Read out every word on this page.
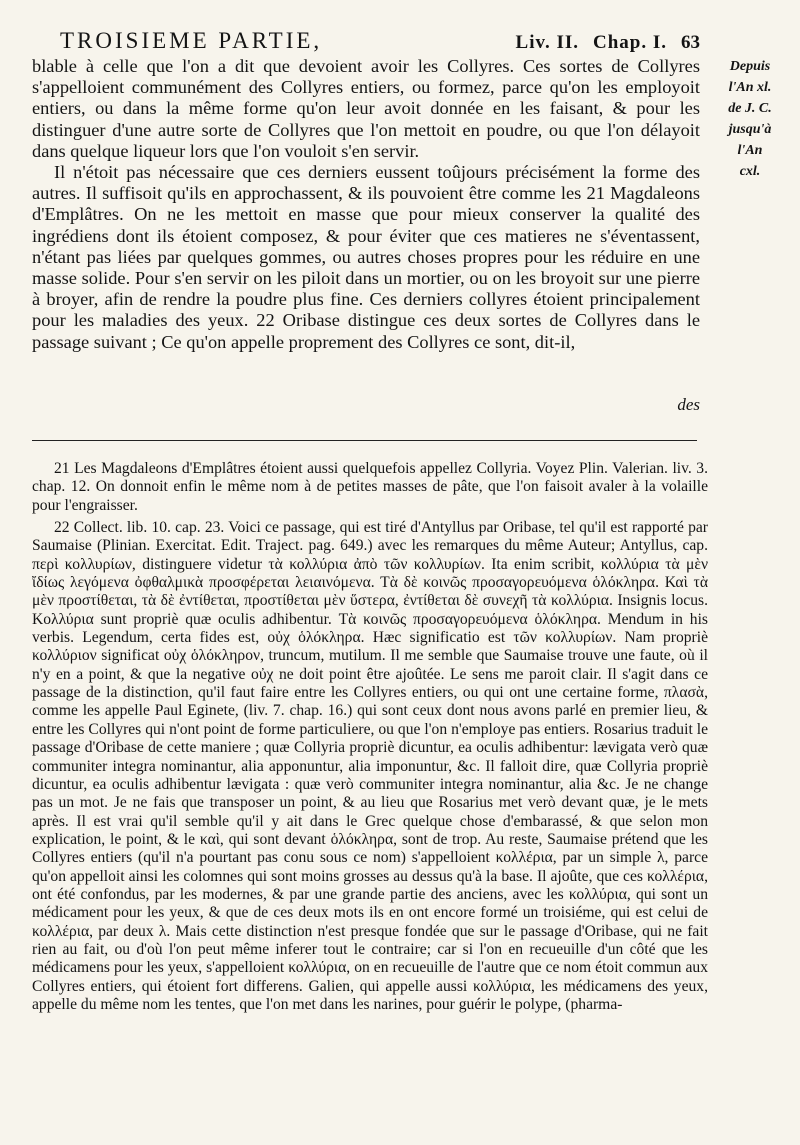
TROISIEME PARTIE,	Liv. II. Chap. I. 63
Depuis
l'An xl.
de J. C.
jusqu'à
l'An
cxl.

blable à celle que l'on a dit que devoient avoir les Collyres. Ces sortes de Collyres s'appelloient communément des Collyres entiers, ou formez, parce qu'on les employoit entiers, ou dans la même forme qu'on leur avoit donnée en les faisant, & pour les distinguer d'une autre sorte de Collyres que l'on mettoit en poudre, ou que l'on délayoit dans quelque liqueur lors que l'on vouloit s'en servir.

Il n'étoit pas nécessaire que ces derniers eussent toûjours précisément la forme des autres. Il suffisoit qu'ils en approchassent, & ils pouvoient être comme les 21 Magdaleons d'Emplâtres. On ne les mettoit en masse que pour mieux conserver la qualité des ingrédiens dont ils étoient composez, & pour éviter que ces matieres ne s'éventassent, n'étant pas liées par quelques gommes, ou autres choses propres pour les réduire en une masse solide. Pour s'en servir on les piloit dans un mortier, ou on les broyoit sur une pierre à broyer, afin de rendre la poudre plus fine. Ces derniers collyres étoient principalement pour les maladies des yeux. 22 Oribase distingue ces deux sortes de Collyres dans le passage suivant ; Ce qu'on appelle proprement des Collyres ce sont, dit-il,

des

21 Les Magdaleons d'Emplâtres étoient aussi quelquefois appellez Collyria. Voyez Plin. Valerian. liv. 3. chap. 12. On donnoit enfin le même nom à de petites masses de pâte, que l'on faisoit avaler à la volaille pour l'engraisser.

22 Collect. lib. 10. cap. 23. Voici ce passage, qui est tiré d'Antyllus par Oribase, tel qu'il est rapporté par Saumaise (Plinian. Exercitat. Edit. Traject. pag. 649.) avec les remarques du même Auteur; Antyllus, cap. περὶ κολλυρίων, distinguere videtur τὰ κολλύρια ἀπὸ τῶν κολλυρίων. Ita enim scribit, κολλύρια τὰ μὲν ἴδίως λεγόμενα ὀφθαλμικὰ προσφέρεται λειαινόμενα. Τὰ δὲ κοινῶς προσαγορευόμενα ὁλόκληρα. Καὶ τὰ μὲν προστίθεται, τὰ δὲ ἐντίθεται, προστίθεται μὲν ὕστερα, ἐντίθεται δὲ συνεχῆ τὰ κολλύρια. Insignis locus. Κολλύρια sunt propriè quæ oculis adhibentur. Τὰ κοινῶς προσαγορευόμενα ὁλόκληρα. Mendum in his verbis. Legendum, certa fides est, οὐχ ὁλόκληρα. Hæc significatio est τῶν κολλυρίων. Nam propriè κολλύριον significat οὐχ ὁλόκληρον, truncum, mutilum. Il me semble que Saumaise trouve une faute, où il n'y en a point, & que la negative οὐχ ne doit point être ajoûtée. Le sens me paroit clair. Il s'agit dans ce passage de la distinction, qu'il faut faire entre les Collyres entiers, ou qui ont une certaine forme, πλασὰ, comme les appelle Paul Eginete, (liv. 7. chap. 16.) qui sont ceux dont nous avons parlé en premier lieu, & entre les Collyres qui n'ont point de forme particuliere, ou que l'on n'employe pas entiers. Rosarius traduit le passage d'Oribase de cette maniere ; quæ Collyria propriè dicuntur, ea oculis adhibentur: lævigata verò quæ communiter integra nominantur, alia apponuntur, alia imponuntur, &c. Il falloit dire, quæ Collyria propriè dicuntur, ea oculis adhibentur lævigata : quæ verò communiter integra nominantur, alia &c. Je ne change pas un mot. Je ne fais que transposer un point, & au lieu que Rosarius met verò devant quæ, je le mets après. Il est vrai qu'il semble qu'il y ait dans le Grec quelque chose d'embarassé, & que selon mon explication, le point, & le καὶ, qui sont devant ὁλόκληρα, sont de trop. Au reste, Saumaise prétend que les Collyres entiers (qu'il n'a pourtant pas conu sous ce nom) s'appelloient κολλέρια, par un simple λ, parce qu'on appelloit ainsi les colomnes qui sont moins grosses au dessus qu'à la base. Il ajoûte, que ces κολλέρια, ont été confondus, par les modernes, & par une grande partie des anciens, avec les κολλύρια, qui sont un médicament pour les yeux, & que de ces deux mots ils en ont encore formé un troisiéme, qui est celui de κολλέρια, par deux λ. Mais cette distinction n'est presque fondée que sur le passage d'Oribase, qui ne fait rien au fait, ou d'où l'on peut même inferer tout le contraire; car si l'on en recueuille d'un côté que les médicamens pour les yeux, s'appelloient κολλύρια, on en recueuille de l'autre que ce nom étoit commun aux Collyres entiers, qui étoient fort differens. Galien, qui appelle aussi κολλύρια, les médicamens des yeux, appelle du même nom les tentes, que l'on met dans les narines, pour guérir le polype, (pharma-
